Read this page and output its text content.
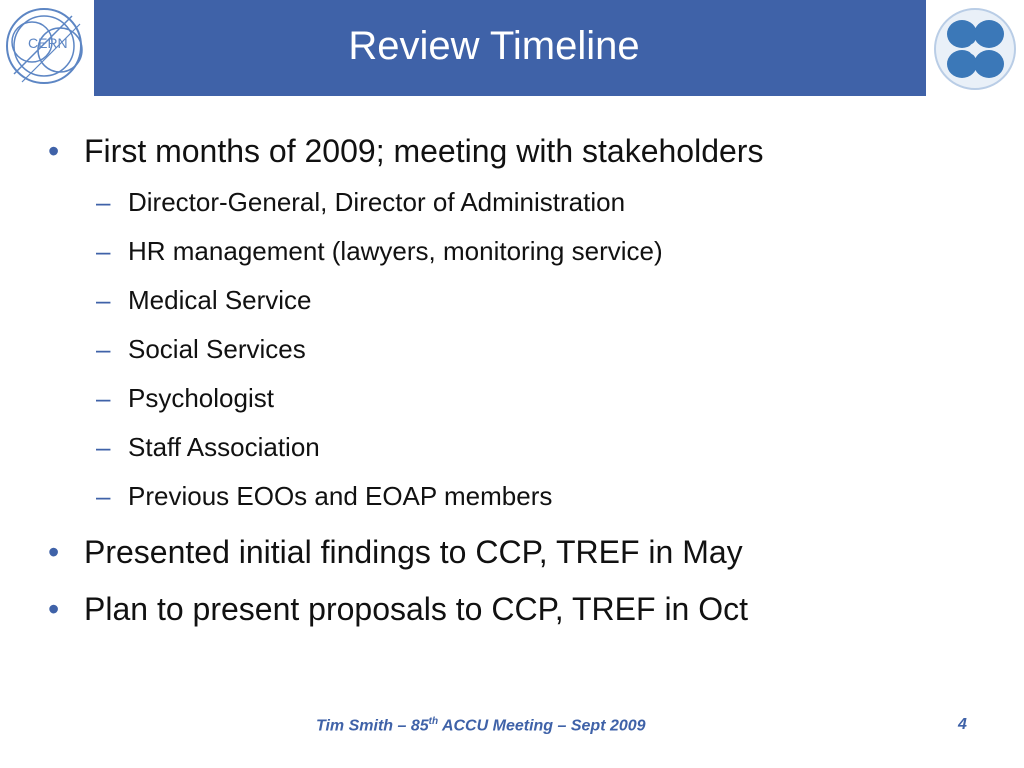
CERN	Review Timeline
• First months of 2009; meeting with stakeholders
– Director-General, Director of Administration
– HR management (lawyers, monitoring service)
– Medical Service
– Social Services
– Psychologist
– Staff Association
– Previous EOOs and EOAP members
• Presented initial findings to CCP, TREF in May
• Plan to present proposals to CCP, TREF in Oct
Tim Smith – 85th ACCU Meeting – Sept 2009	4
